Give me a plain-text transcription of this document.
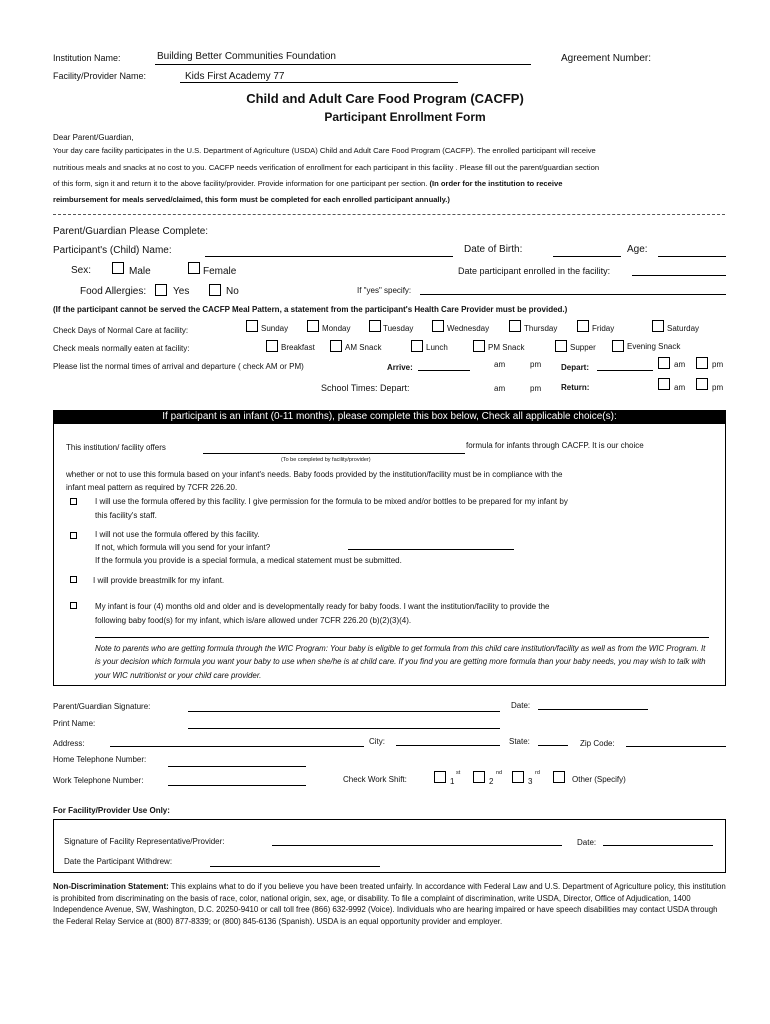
Institution Name:	Building Better Communities Foundation	Agreement Number:
Facility/Provider Name:	Kids First Academy 77
Child and Adult Care Food Program (CACFP)
Participant Enrollment Form
Dear Parent/Guardian,
Your day care facility participates in the U.S. Department of Agriculture (USDA) Child and Adult Care Food Program (CACFP). The enrolled participant will receive
nutritious meals and snacks at no cost to you. CACFP needs verification of enrollment for each participant in this facility . Please fill out the parent/guardian section
of this form, sign it and return it to the above facility/provider. Provide information for one participant per section. (In order for the institution to receive
reimbursement for meals served/claimed, this form must be completed for each enrolled participant annually.)
Parent/Guardian Please Complete:
Participant's (Child) Name:	Date of Birth:	Age:
Sex:	Male	Female	Date participant enrolled in the facility:
Food Allergies:	Yes	No	If "yes" specify:
(If the participant cannot be served the CACFP Meal Pattern, a statement from the participant's Health Care Provider must be provided.)
Check Days of Normal Care at facility:	Sunday	Monday	Tuesday	Wednesday	Thursday	Friday	Saturday
Check meals normally eaten at facility:	Breakfast	AM Snack	Lunch	PM Snack	Supper	Evening Snack
Please list the normal times of arrival and departure ( check AM or PM)	Arrive:	am	pm Depart:	am	pm
School Times: Depart:	am	pm Return:	am	pm
If participant is an infant (0-11 months), please complete this box below, Check all applicable choice(s):
This institution/ facility offers
(To be completed by facility/provider)
formula for infants through CACFP. It is our choice
whether or not to use this formula based on your infant's needs. Baby foods provided by the institution/facility must be in compliance with the
infant meal pattern as required by 7CFR 226.20.
I will use the formula offered by this facility. I give permission for the formula to be mixed and/or bottles to be prepared for my infant by
this facility's staff.
I will not use the formula offered by this facility.
If not, which formula will you send for your infant?
If the formula you provide is a special formula, a medical statement must be submitted.
I will provide breastmilk for my infant.
My infant is four (4) months old and older and is developmentally ready for baby foods. I want the institution/facility to provide the
following baby food(s) for my infant, which is/are allowed under 7CFR 226.20 (b)(2)(3)(4).
Note to parents who are getting formula through the WIC Program: Your baby is eligible to get formula from this child care institution/facility as well as from the WIC Program. It is your decision which formula you want your baby to use when she/he is at child care. If you find you are getting more formula than your baby needs, you may wish to talk with your WIC nutritionist or your child care provider.
Parent/Guardian Signature:	Date:
Print Name:
Address:	City:	State:	Zip Code:
Home Telephone Number:
Work Telephone Number:	Check Work Shift:	1
st
2
nd
3
rd
Other (Specify)
For Facility/Provider Use Only:
Signature of Facility Representative/Provider:	Date:
Date the Participant Withdrew:
Non-Discrimination Statement: This explains what to do if you believe you have been treated unfairly. In accordance with Federal Law and U.S. Department of Agriculture policy, this institution is prohibited from discriminating on the basis of race, color, national origin, sex, age, or disability. To file a complaint of discrimination, write USDA, Director, Office of Adjudication, 1400 Independence Avenue, SW, Washington, D.C. 20250-9410 or call toll free (866) 632-9992 (Voice). Individuals who are hearing impaired or have speech disabilities may contact USDA through the Federal Relay Service at (800) 877-8339; or (800) 845-6136 (Spanish). USDA is an equal opportunity provider and employer.
